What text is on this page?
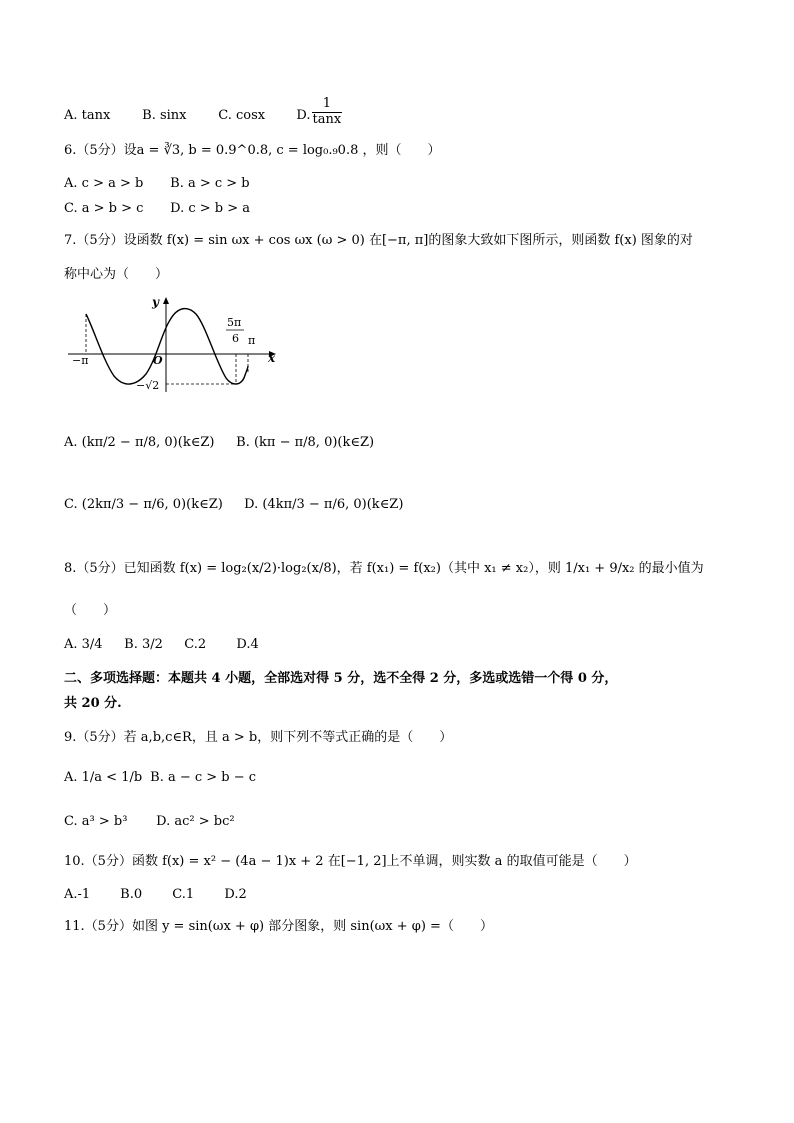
A. tanx B. sinx C. cosx D. $\frac{1}{\tan x}$
6.（5分）设a = ∛3, b = 0.9^0.8, c = log₀.₉0.8 ，则（　　）
A. c > a > b B. a > c > b
C. a > b > c D. c > b > a
7.（5分）设函数 f(x) = sin ωx + cos ωx (ω > 0) 在[−π, π]的图象大致如下图所示，则函数 f(x) 图象的对
称中心为（　　）
y
x
O
−π
π
5π
6
−√2
A. (kπ/2 − π/8, 0)(k∈Z) B. (kπ − π/8, 0)(k∈Z)
C. (2kπ/3 − π/6, 0)(k∈Z) D. (4kπ/3 − π/6, 0)(k∈Z)
8.（5分）已知函数 f(x) = log₂(x/2)·log₂(x/8)，若 f(x₁) = f(x₂)（其中 x₁ ≠ x₂），则 1/x₁ + 9/x₂ 的最小值为
（　　）
A. 3/4 B. 3/2 C.2 D.4
二、多项选择题：本题共 4 小题，全部选对得 5 分，选不全得 2 分，多选或选错一个得 0 分，
共 20 分.
9.（5分）若 a,b,c∈R，且 a > b，则下列不等式正确的是（　　）
A. 1/a < 1/b B. a − c > b − c
C. a³ > b³ D. ac² > bc²
10.（5分）函数 f(x) = x² − (4a − 1)x + 2 在[−1, 2]上不单调，则实数 a 的取值可能是（　　）
A.-1 B.0 C.1 D.2
11.（5分）如图 y = sin(ωx + φ) 部分图象，则 sin(ωx + φ) =（　　）
